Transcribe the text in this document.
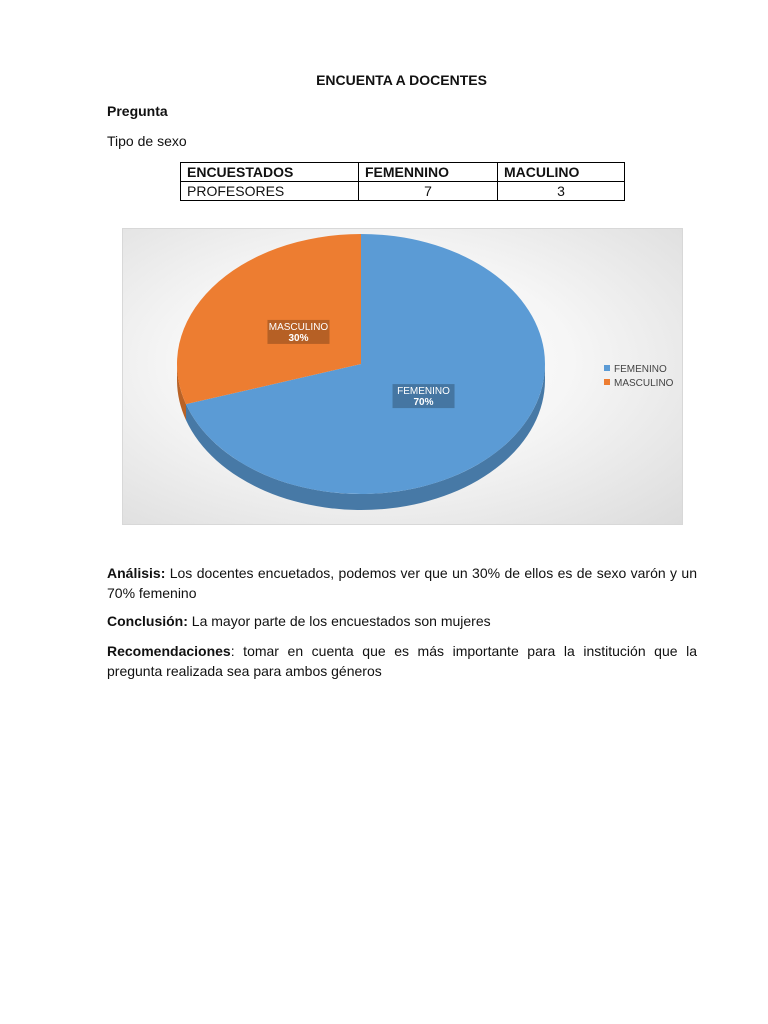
ENCUENTA A DOCENTES
Pregunta
Tipo de sexo
ENCUESTADOS	FEMENNINO	MACULINO
PROFESORES	7	3
FEMENINO
70%
MASCULINO
30%
FEMENINO
MASCULINO
Análisis: Los docentes encuetados, podemos ver que un 30% de ellos es de sexo varón y un 70% femenino
Conclusión: La mayor parte de los encuestados son mujeres
Recomendaciones: tomar en cuenta que es más importante para la institución que la pregunta realizada sea para ambos géneros
